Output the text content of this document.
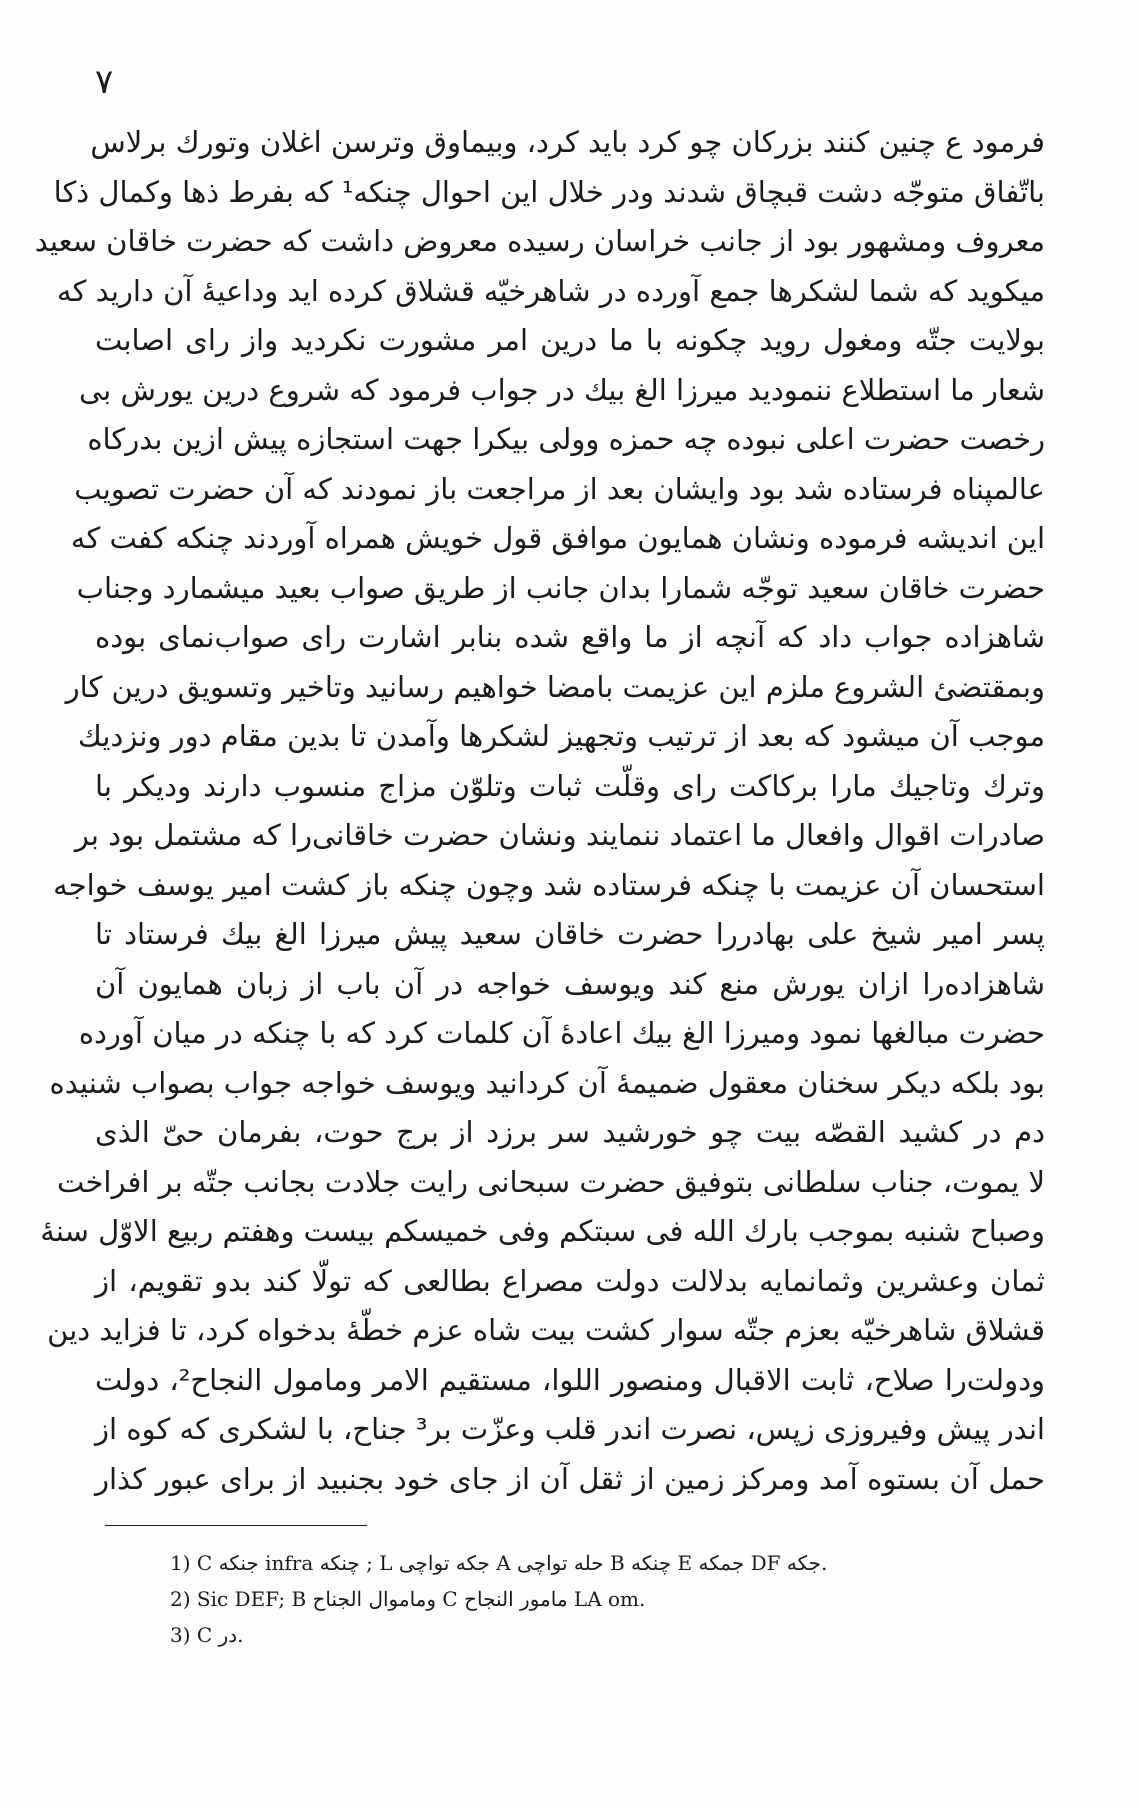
٧
فرمود ع چنین کنند بزرکان چو کرد باید کرد، وبیماوق وترسن اغلان وتورك برلاس
باتّفاق متوجّه دشت قبچاق شدند ودر خلال این احوال چنکه¹ که بفرط ذها وکمال ذکا
معروف ومشهور بود از جانب خراسان رسیده معروض داشت که حضرت خاقان سعید
میکوید که شما لشکرها جمع آورده در شاهرخیّه قشلاق کرده اید وداعیهٔ آن دارید که
بولایت جتّه ومغول روید چکونه با ما درین امر مشورت نکردید واز رای اصابت
شعار ما استطلاع ننمودید میرزا الغ بیك در جواب فرمود که شروع درین یورش بی
رخصت حضرت اعلی نبوده چه حمزه وولی بیكرا جهت استجازه پیش ازین بدرکاه
عالمپناه فرستاده شد بود وایشان بعد از مراجعت باز نمودند که آن حضرت تصویب
این اندیشه فرموده ونشان همایون موافق قول خویش همراه آوردند چنکه کفت که
حضرت خاقان سعید توجّه شمارا بدان جانب از طریق صواب بعید میشمارد وجناب
شاهزاده جواب داد که آنچه از ما واقع شده بنابر اشارت رای صواب‌نمای بوده
وبمقتضئ الشروع ملزم این عزیمت بامضا خواهیم رسانید وتاخیر وتسویق درین کار
موجب آن میشود که بعد از ترتیب وتجهیز لشکرها وآمدن تا بدین مقام دور ونزدیك
وترك وتاجیك مارا برکاکت رای وقلّت ثبات وتلوّن مزاج منسوب دارند ودیکر با
صادرات اقوال وافعال ما اعتماد ننمایند ونشان حضرت خاقانی‌را که مشتمل بود بر
استحسان آن عزیمت با چنکه فرستاده شد وچون چنکه باز کشت امیر یوسف خواجه
پسر امیر شیخ علی بهادررا حضرت خاقان سعید پیش میرزا الغ بیك فرستاد تا
شاهزاده‌را ازان یورش منع کند ویوسف خواجه در آن باب از زبان همایون آن
حضرت مبالغها نمود ومیرزا الغ بیك اعادهٔ آن کلمات کرد که با چنکه در میان آورده
بود بلکه دیکر سخنان معقول ضمیمهٔ آن کردانید ویوسف خواجه جواب بصواب شنیده
دم در کشید القصّه بیت چو خورشید سر برزد از برج حوت، بفرمان حیّ الذی
لا یموت، جناب سلطانی بتوفیق حضرت سبحانی رایت جلادت بجانب جتّه بر افراخت
وصباح شنبه بموجب بارك الله فی سبتکم وفی خمیسکم بیست وهفتم ربیع الاوّل سنهٔ
ثمان وعشرین وثمانمایه بدلالت دولت مصراع بطالعی که تولّا کند بدو تقویم، از
قشلاق شاهرخیّه بعزم جتّه سوار کشت بیت شاه عزم خطّهٔ بدخواه کرد، تا فزاید دین
ودولت‌را صلاح، ثابت الاقبال ومنصور اللوا، مستقیم الامر ومامول النجاح²، دولت
اندر پیش وفیروزی زپس، نصرت اندر قلب وعزّت بر³ جناح، با لشکری که کوه از
حمل آن بستوه آمد ومرکز زمین از ثقل آن از جای خود بجنبید از برای عبور کذار
1) C جنکه infra چنکه ; L جکه تواچی A حله تواچی B چنکه E جمکه DF جکه.
2) Sic DEF; B وماموال الجناح C مامور النجاح LA om.
3) C در.
